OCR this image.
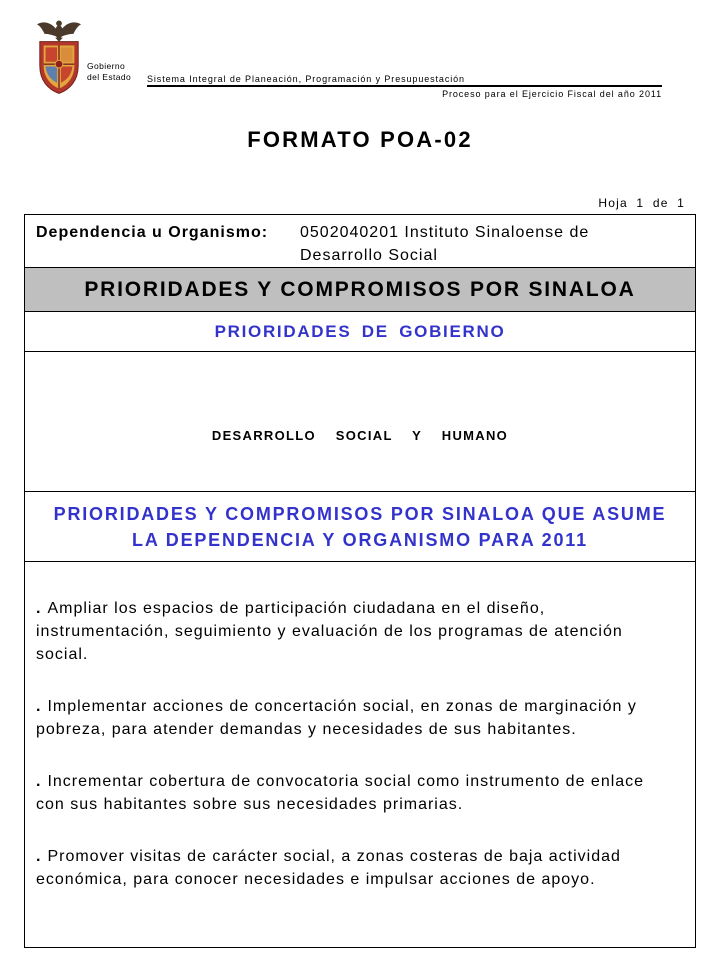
Gobierno
del Estado Sistema Integral de Planeación, Programación y Presupuestación
Proceso para el Ejercicio Fiscal del año 2011
FORMATO POA-02
Hoja 1 de 1
Dependencia u Organismo: 0502040201 Instituto Sinaloense de Desarrollo Social
PRIORIDADES Y COMPROMISOS POR SINALOA
PRIORIDADES DE GOBIERNO
DESARROLLO SOCIAL Y HUMANO
PRIORIDADES Y COMPROMISOS POR SINALOA QUE ASUME
LA DEPENDENCIA Y ORGANISMO PARA 2011
. Ampliar los espacios de participación ciudadana en el diseño,
instrumentación, seguimiento y evaluación de los programas de atención
social.
. Implementar acciones de concertación social, en zonas de marginación y
pobreza, para atender demandas y necesidades de sus habitantes.
. Incrementar cobertura de convocatoria social como instrumento de enlace
con sus habitantes sobre sus necesidades primarias.
. Promover visitas de carácter social, a zonas costeras de baja actividad
económica, para conocer necesidades e impulsar acciones de apoyo.
